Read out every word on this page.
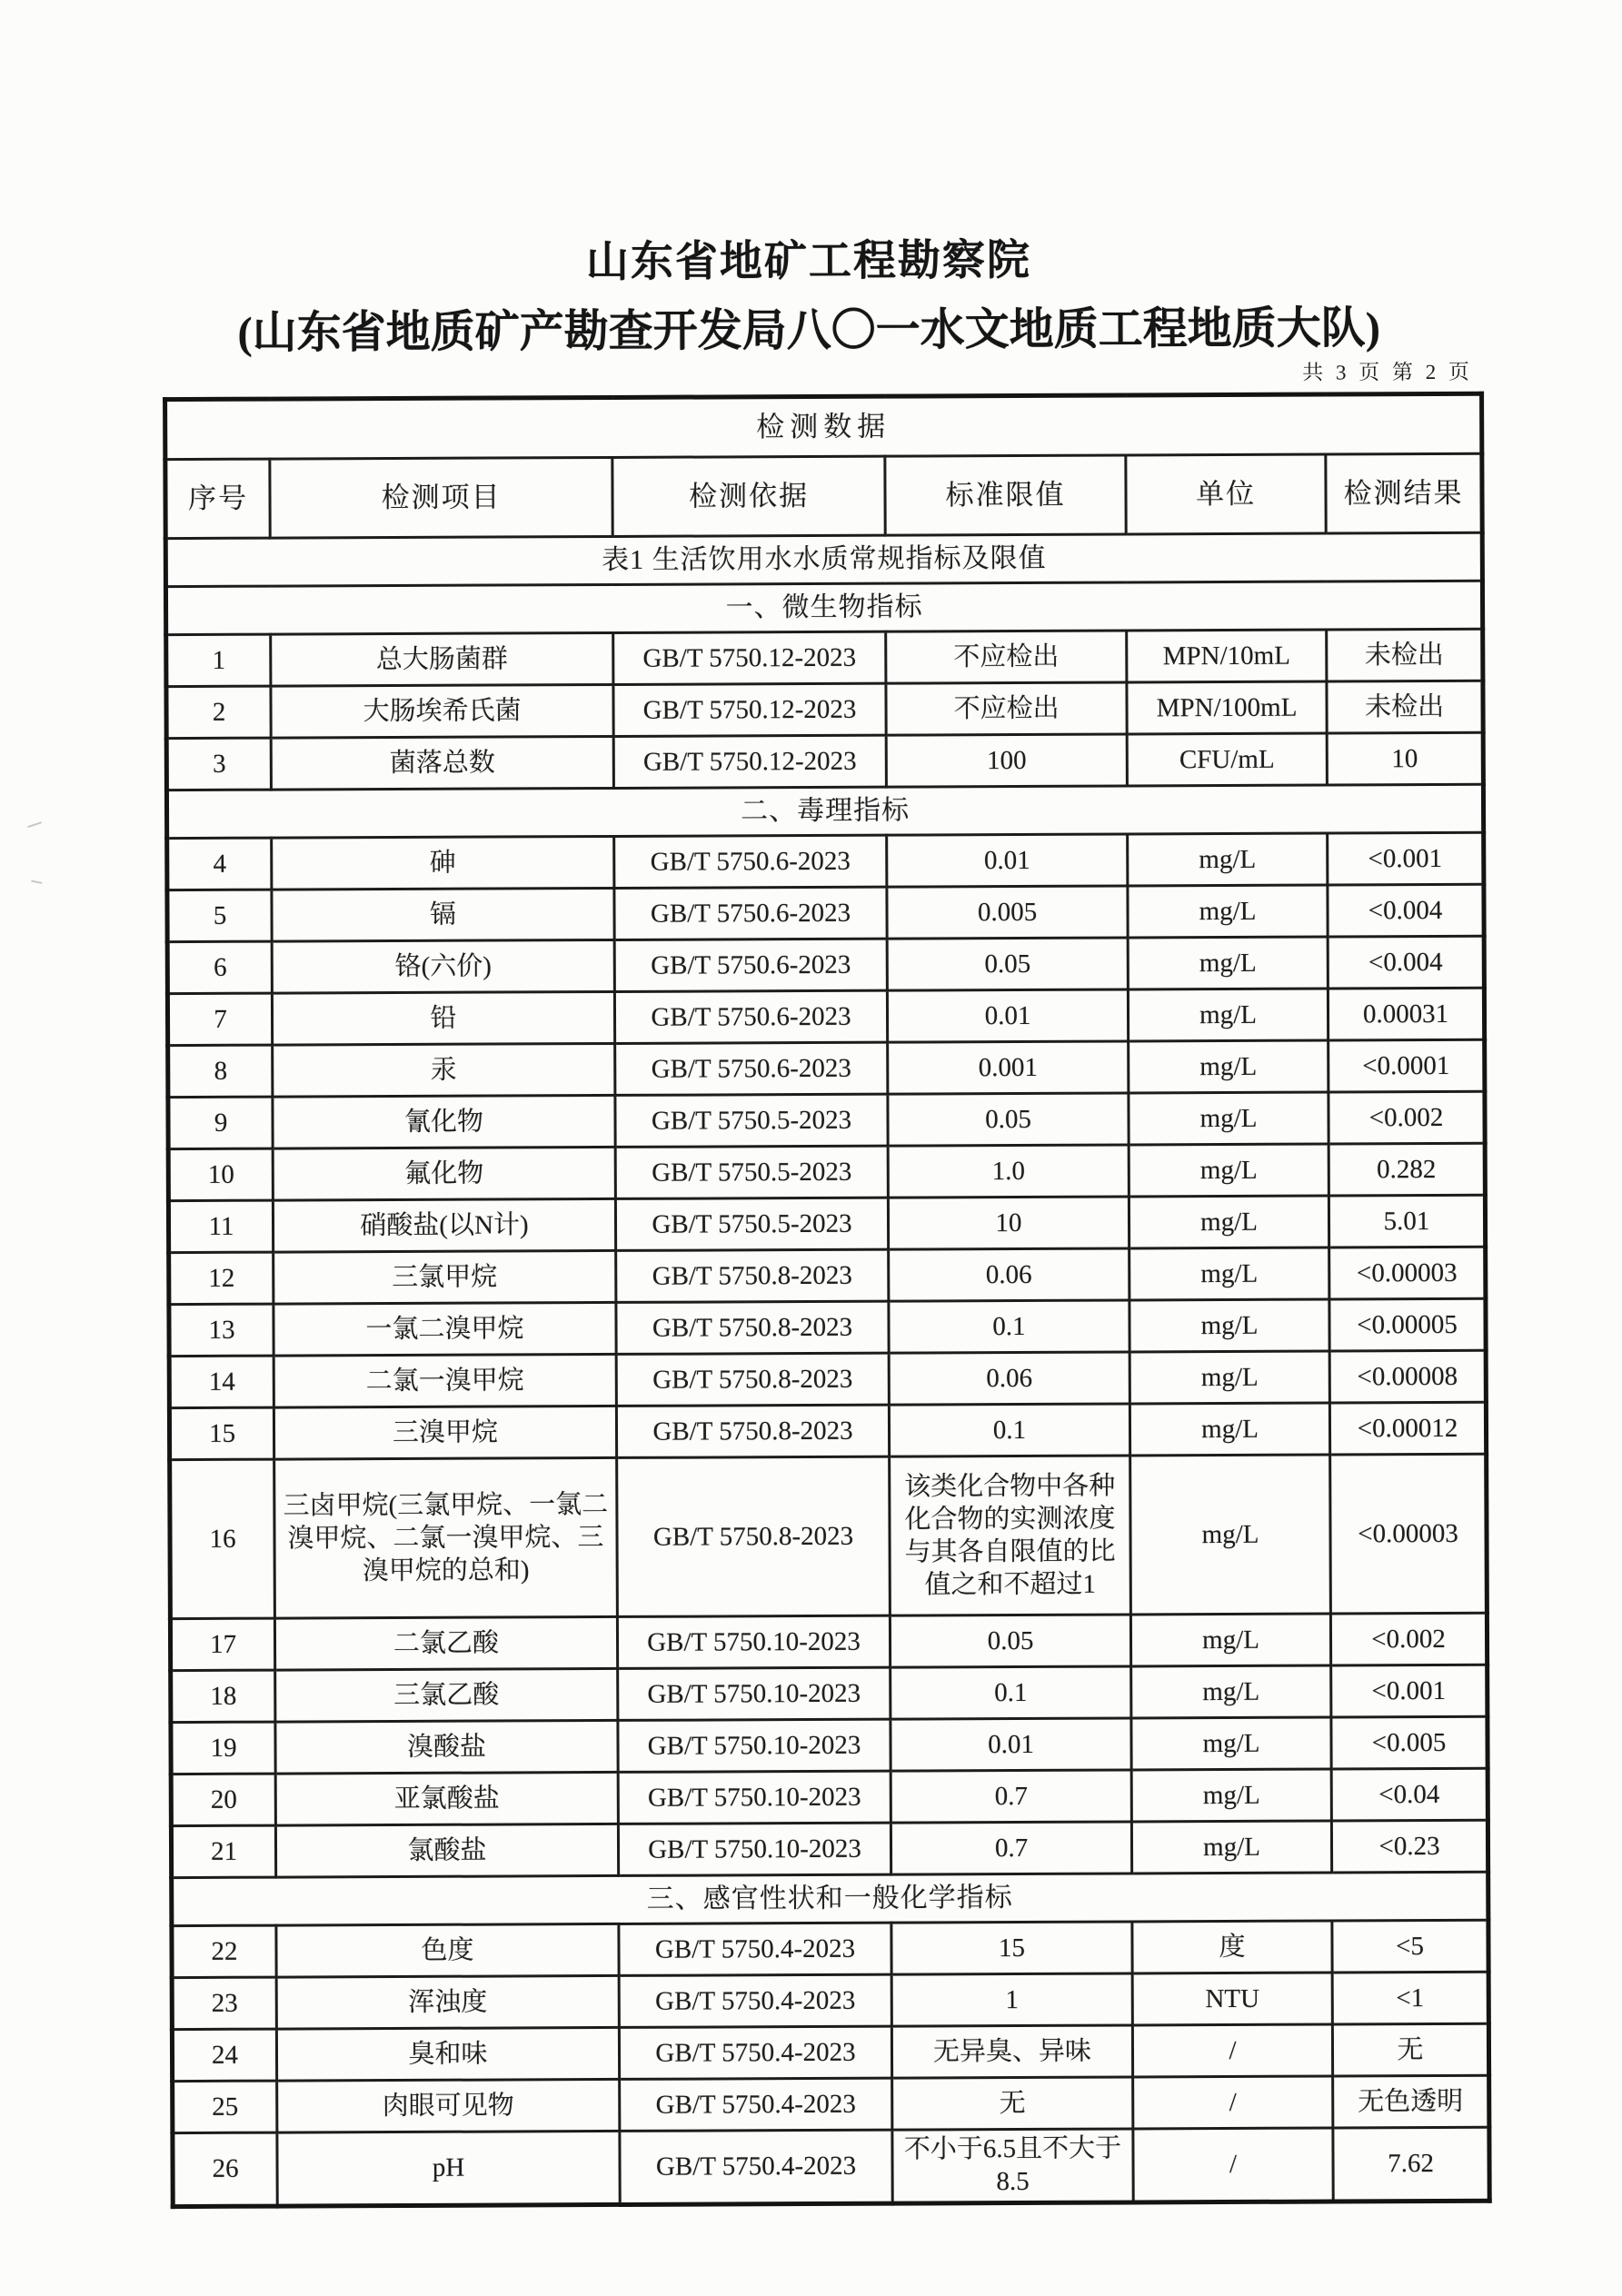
山东省地矿工程勘察院
(山东省地质矿产勘查开发局八〇一水文地质工程地质大队)
共 3 页 第 2 页
检测数据					
序号	检测项目	检测依据	标准限值	单位	检测结果
表1 生活饮用水水质常规指标及限值					
一、微生物指标					
1	总大肠菌群	GB/T 5750.12-2023	不应检出	MPN/10mL	未检出
2	大肠埃希氏菌	GB/T 5750.12-2023	不应检出	MPN/100mL	未检出
3	菌落总数	GB/T 5750.12-2023	100	CFU/mL	10
二、毒理指标					
4	砷	GB/T 5750.6-2023	0.01	mg/L	<0.001
5	镉	GB/T 5750.6-2023	0.005	mg/L	<0.004
6	铬(六价)	GB/T 5750.6-2023	0.05	mg/L	<0.004
7	铅	GB/T 5750.6-2023	0.01	mg/L	0.00031
8	汞	GB/T 5750.6-2023	0.001	mg/L	<0.0001
9	氰化物	GB/T 5750.5-2023	0.05	mg/L	<0.002
10	氟化物	GB/T 5750.5-2023	1.0	mg/L	0.282
11	硝酸盐(以N计)	GB/T 5750.5-2023	10	mg/L	5.01
12	三氯甲烷	GB/T 5750.8-2023	0.06	mg/L	<0.00003
13	一氯二溴甲烷	GB/T 5750.8-2023	0.1	mg/L	<0.00005
14	二氯一溴甲烷	GB/T 5750.8-2023	0.06	mg/L	<0.00008
15	三溴甲烷	GB/T 5750.8-2023	0.1	mg/L	<0.00012
16	三卤甲烷(三氯甲烷、一氯二溴甲烷、二氯一溴甲烷、三溴甲烷的总和)	GB/T 5750.8-2023	该类化合物中各种化合物的实测浓度与其各自限值的比值之和不超过1	mg/L	<0.00003
17	二氯乙酸	GB/T 5750.10-2023	0.05	mg/L	<0.002
18	三氯乙酸	GB/T 5750.10-2023	0.1	mg/L	<0.001
19	溴酸盐	GB/T 5750.10-2023	0.01	mg/L	<0.005
20	亚氯酸盐	GB/T 5750.10-2023	0.7	mg/L	<0.04
21	氯酸盐	GB/T 5750.10-2023	0.7	mg/L	<0.23
三、感官性状和一般化学指标					
22	色度	GB/T 5750.4-2023	15	度	<5
23	浑浊度	GB/T 5750.4-2023	1	NTU	<1
24	臭和味	GB/T 5750.4-2023	无异臭、异味	/	无
25	肉眼可见物	GB/T 5750.4-2023	无	/	无色透明
26	pH	GB/T 5750.4-2023	不小于6.5且不大于8.5	/	7.62
